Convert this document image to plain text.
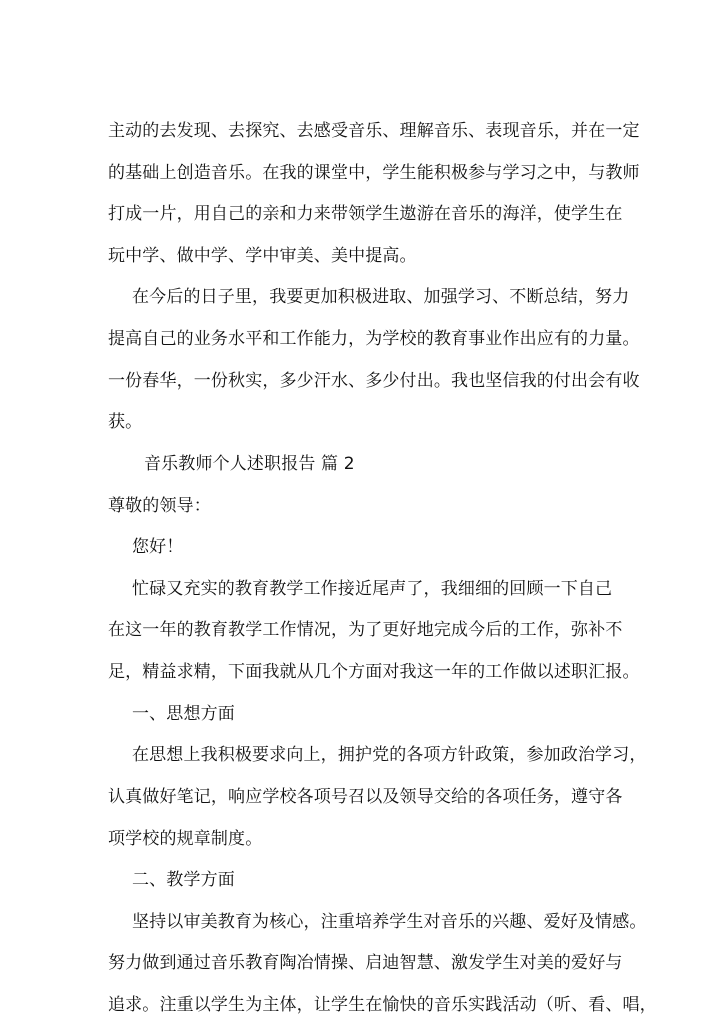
主动的去发现、去探究、去感受音乐、理解音乐、表现音乐，并在一定
的基础上创造音乐。在我的课堂中，学生能积极参与学习之中，与教师
打成一片，用自己的亲和力来带领学生遨游在音乐的海洋，使学生在
玩中学、做中学、学中审美、美中提高。
在今后的日子里，我要更加积极进取、加强学习、不断总结，努力
提高自己的业务水平和工作能力，为学校的教育事业作出应有的力量。
一份春华，一份秋实，多少汗水、多少付出。我也坚信我的付出会有收
获。
音乐教师个人述职报告 篇 2
尊敬的领导：
您好！
忙碌又充实的教育教学工作接近尾声了，我细细的回顾一下自己
在这一年的教育教学工作情况，为了更好地完成今后的工作，弥补不
足，精益求精，下面我就从几个方面对我这一年的工作做以述职汇报。
一、思想方面
在思想上我积极要求向上，拥护党的各项方针政策，参加政治学习，
认真做好笔记，响应学校各项号召以及领导交给的各项任务，遵守各
项学校的规章制度。
二、教学方面
坚持以审美教育为核心，注重培养学生对音乐的兴趣、爱好及情感。
努力做到通过音乐教育陶冶情操、启迪智慧、激发学生对美的爱好与
追求。注重以学生为主体，让学生在愉快的音乐实践活动（听、看、唱，
